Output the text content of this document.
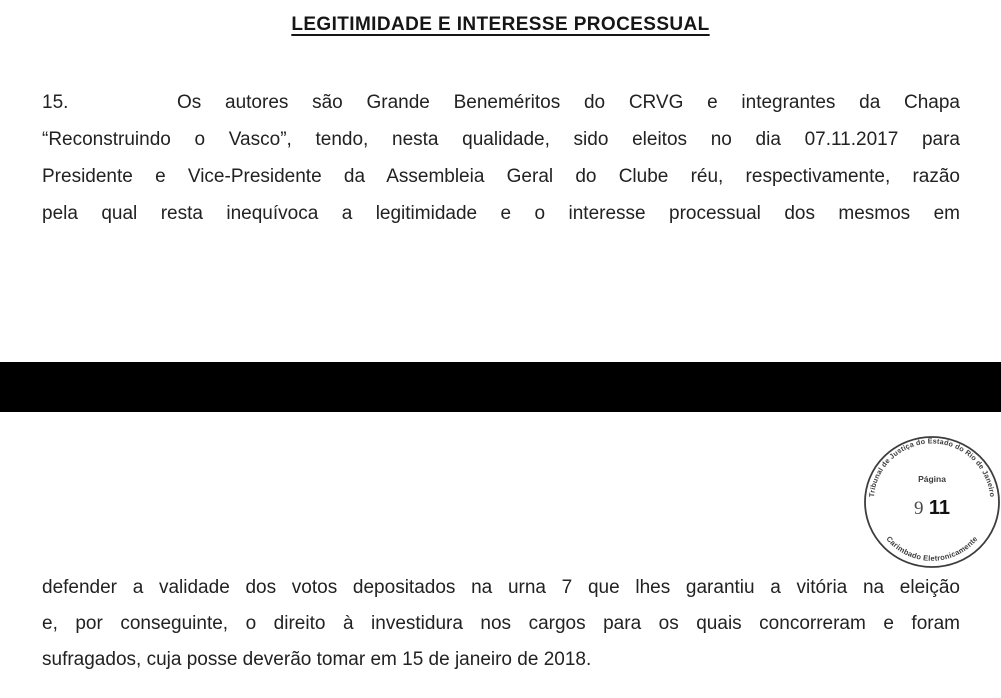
LEGITIMIDADE E INTERESSE PROCESSUAL
15.	Os autores são Grande Beneméritos do CRVG e integrantes da Chapa
“Reconstruindo o Vasco”, tendo, nesta qualidade, sido eleitos no dia 07.11.2017 para
Presidente e Vice-Presidente da Assembleia Geral do Clube réu, respectivamente, razão
pela qual resta inequívoca a legitimidade e o interesse processual dos mesmos em
Tribunal de Justiça do Estado do Rio de Janeiro
Página
9 11
Carimbado Eletronicamente
defender a validade dos votos depositados na urna 7 que lhes garantiu a vitória na eleição
e, por conseguinte, o direito à investidura nos cargos para os quais concorreram e foram
sufragados, cuja posse deverão tomar em 15 de janeiro de 2018.
